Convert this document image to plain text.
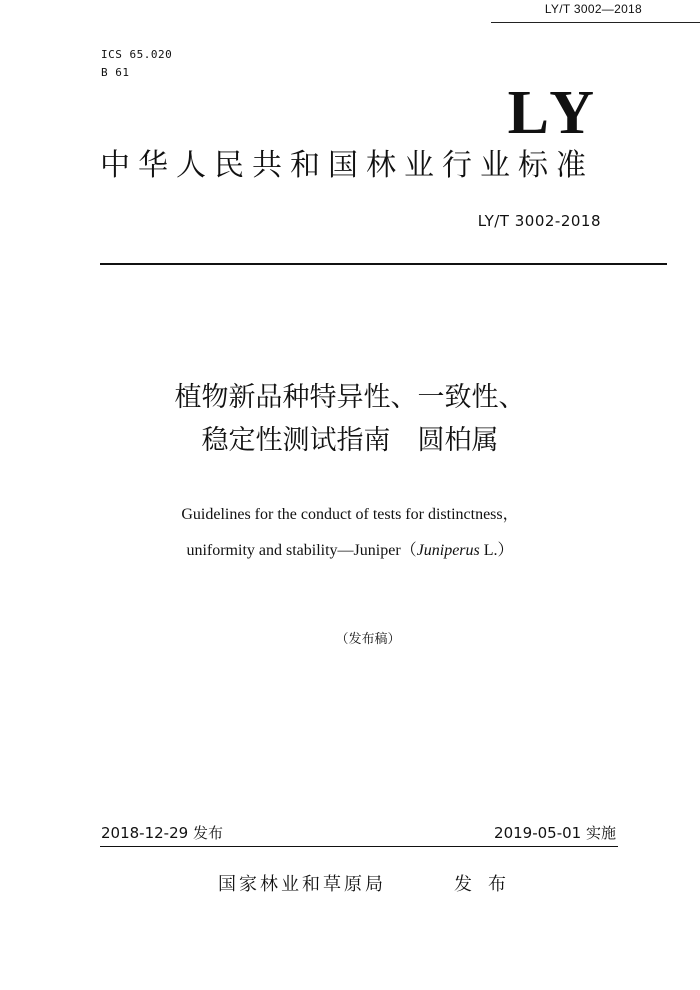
LY/T 3002—2018
ICS 65.020
B 61
LY
中华人民共和国林业行业标准
LY/T 3002-2018
植物新品种特异性、一致性、
稳定性测试指南　圆柏属
Guidelines for the conduct of tests for distinctness，
uniformity and stability—Juniper（Juniperus L.）
（发布稿）
2018-12-29 发布	2019-05-01 实施
国家林业和草原局	发布
